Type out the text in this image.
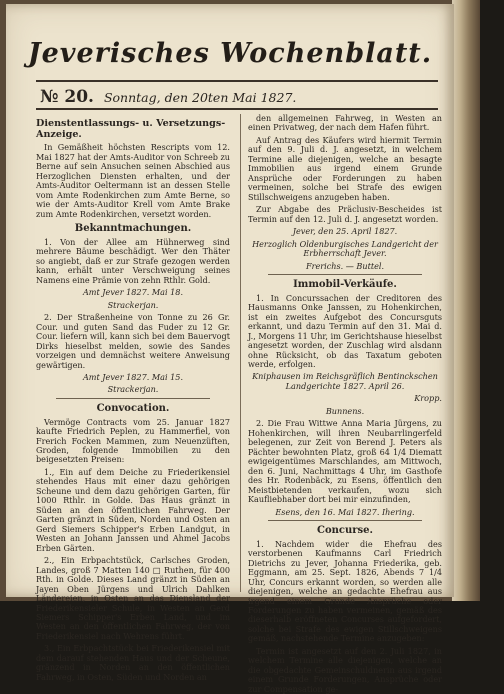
Jeverisches Wochenblatt.
№ 20. Sonntag, den 20ten Mai 1827.
Dienstentlassungs- u. Versetzungs-Anzeige.

In Gemäßheit höchsten Rescripts vom 12. Mai 1827 hat der Amts-Auditor von Schreeb zu Berne auf sein Ansuchen seinen Abschied aus Herzoglichen Diensten erhalten, und der Amts-Auditor Oeltermann ist an dessen Stelle vom Amte Rodenkirchen zum Amte Berne, so wie der Amts-Auditor Krell vom Amte Brake zum Amte Rodenkirchen, versetzt worden.

Bekanntmachungen.

1. Von der Allee am Hühnerweg sind mehrere Bäume beschädigt. Wer den Thäter so angiebt, daß er zur Strafe gezogen werden kann, erhält unter Verschweigung seines Namens eine Prämie von zehn Rthlr. Gold.

Amt Jever 1827. Mai 18.

Strackerjan.

2. Der Straßenheine von Tonne zu 26 Gr. Cour. und guten Sand das Fuder zu 12 Gr. Cour. liefern will, kann sich bei dem Bauervogt Dirks hieselbst melden, sowie des Sandes vorzeigen und demnächst weitere Anweisung gewärtigen.

Amt Jever 1827. Mai 15.

Strackerjan.

Convocation.

Vermöge Contracts vom 25. Januar 1827 kaufte Friedrich Peplen, zu Hammerfiel, von Frerich Focken Mammen, zum Neuenzüften, Groden, folgende Immobilien zu den beigesetzten Preisen:

1., Ein auf dem Deiche zu Friederikensiel stehendes Haus mit einer dazu gehörigen Scheune und dem dazu gehörigen Garten, für 1000 Rthlr. in Golde. Das Haus gränzt in Süden an den öffentlichen Fahrweg. Der Garten gränzt in Süden, Norden und Osten an Gerd Siemers Schipper's Erben Landgut, in Westen an Johann Janssen und Ahmel Jacobs Erben Gärten.

2., Ein Erbpachtstück, Carlsches Groden, Landes, groß 7 Matten 140 □ Ruthen, für 400 Rth. in Golde. Dieses Land gränzt in Süden an Jayen Oben Jürgens und Ulrich Dahlken Ländereien, in Osten an das Diensland der Friederikensieler Schule, in Westen an Gerd Siemers Schipper's Erben Land, und im Westen an den öffentlichen Fahrweg, der von Friederikensiel nach Wehrens führt.

3., Ein Erbpachtstück bei Friederikensiel mit dem darauf stehenden Haus und der Scheune, gränzend in Norden an den öffentlichen Fahrweg, in Osten, Süden und Norden an

den allgemeinen Fahrweg, in Westen an einen Privatweg, der nach dem Hafen führt.

Auf Antrag des Käufers wird hiermit Termin auf den 9. Juli d. J. angesetzt, in welchem Termine alle diejenigen, welche an besagte Immobilien aus irgend einem Grunde Ansprüche oder Forderungen zu haben vermeinen, solche bei Strafe des ewigen Stillschweigens anzugeben haben.

Zur Abgabe des Präclusiv-Bescheides ist Termin auf den 12. Juli d. J. angesetzt worden.

Jever, den 25. April 1827.

Herzoglich Oldenburgisches Landgericht der Erbherrschaft Jever.

Frerichs. — Buttel.

Immobil-Verkäufe.

1. In Concurssachen der Creditoren des Hausmanns Onke Janssen, zu Hohenkirchen, ist ein zweites Aufgebot des Concursguts erkannt, und dazu Termin auf den 31. Mai d. J., Morgens 11 Uhr, im Gerichtshause hieselbst angesetzt worden, der Zuschlag wird alsdann ohne Rücksicht, ob das Taxatum geboten werde, erfolgen.

Kniphausen im Reichsgräflich Bentinckschen Landgerichte 1827. April 26.

Kropp.

Bunnens.

2. Die Frau Wittwe Anna Maria Jürgens, zu Hohenkirchen, will ihren Neubarrlingerfeld belegenen, zur Zeit von Berend J. Peters als Pächter bewohnten Platz, groß 64 1/4 Diematt ewigeigentümes Marschlandes, am Mittwoch, den 6. Juni, Nachmittags 4 Uhr, im Gasthofe des Hr. Rodenbäck, zu Esens, öffentlich den Meistbietenden verkaufen, wozu sich Kaufliebhaber dort bei mir einzufinden,

Esens, den 16. Mai 1827. Ihering.

Concurse.

1. Nachdem wider die Ehefrau des verstorbenen Kaufmanns Carl Friedrich Dietrichs zu Jever, Johanna Friederika, geb. Eggmann, am 25. Sept. 1826, Abends 7 1/4 Uhr, Concurs erkannt worden, so werden alle diejenigen, welche an gedachte Ehefrau aus irgend einem Grunde Ansprüche oder Forderungen zu haben vermeinen, gemäß des dieserhalb eröffneten Concurses aufgefordert, solche bei Strafe des ewigen Stillschweigens gemäß, nachstehende Termine anzugeben:

Termin ist angesetzt auf den 2. Juli 1827, in welchem Termine alle diejenigen, welche an die obgedachte Gemeinschuldnerin aus irgend einem Grunde Forderungen, Ansprüche oder zur Compensation ge-
